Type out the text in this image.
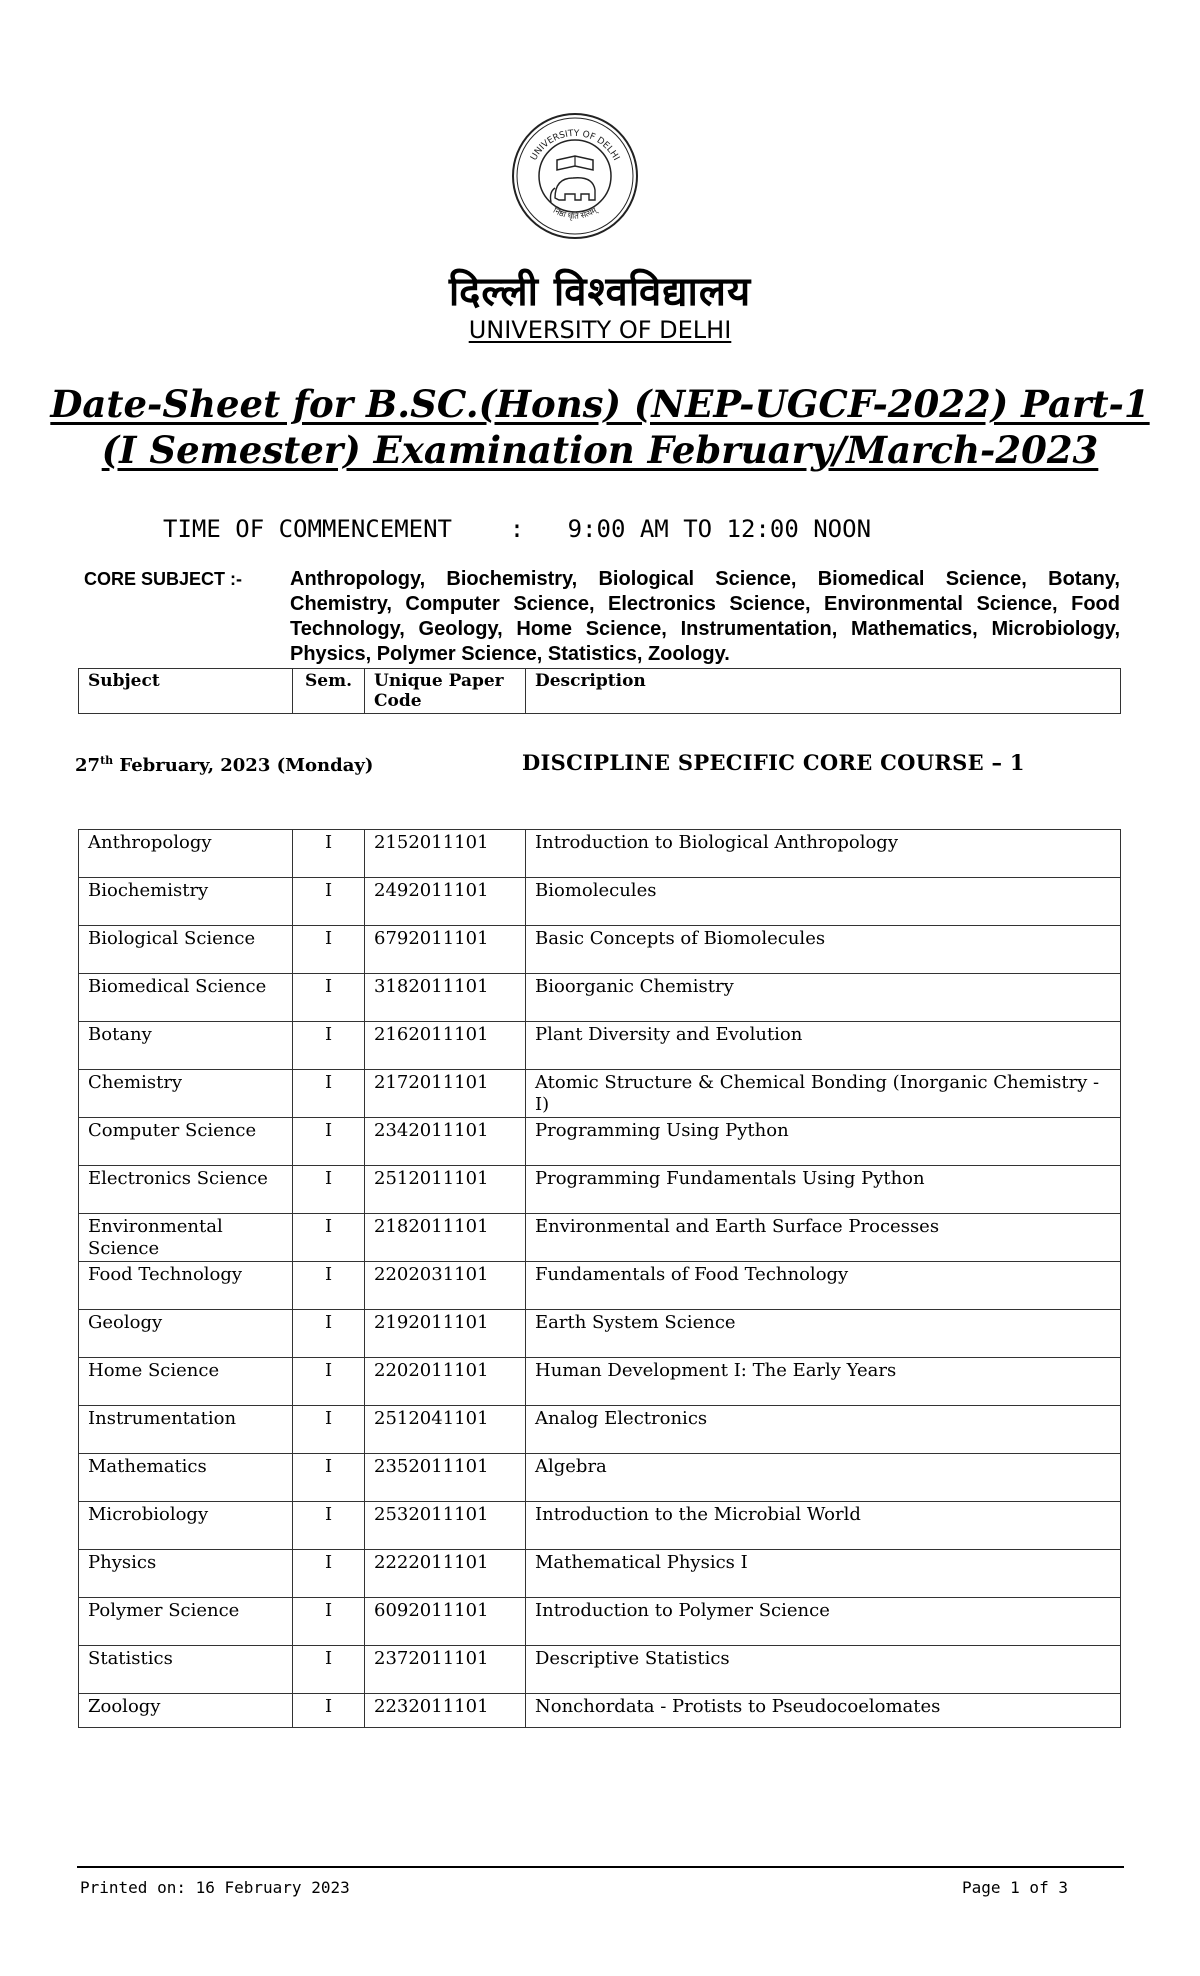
UNIVERSITY OF DELHI
निष्ठा धृति सत्यम्
दिल्ली विश्वविद्यालय
UNIVERSITY OF DELHI
Date-Sheet for B.SC.(Hons) (NEP-UGCF-2022) Part-1
(I Semester) Examination February/March-2023
TIME OF COMMENCEMENT : 9:00 AM TO 12:00 NOON
CORE SUBJECT :- Anthropology, Biochemistry, Biological Science, Biomedical Science, Botany, Chemistry, Computer Science, Electronics Science, Environmental Science, Food Technology, Geology, Home Science, Instrumentation, Mathematics, Microbiology, Physics, Polymer Science, Statistics, Zoology.
Subject	Sem.	Unique Paper Code	Description
27th February, 2023 (Monday)	DISCIPLINE SPECIFIC CORE COURSE – 1
Anthropology	I	2152011101	Introduction to Biological Anthropology
Biochemistry	I	2492011101	Biomolecules
Biological Science	I	6792011101	Basic Concepts of Biomolecules
Biomedical Science	I	3182011101	Bioorganic Chemistry
Botany	I	2162011101	Plant Diversity and Evolution
Chemistry	I	2172011101	Atomic Structure & Chemical Bonding (Inorganic Chemistry -I)
Computer Science	I	2342011101	Programming Using Python
Electronics Science	I	2512011101	Programming Fundamentals Using Python
Environmental Science	I	2182011101	Environmental and Earth Surface Processes
Food Technology	I	2202031101	Fundamentals of Food Technology
Geology	I	2192011101	Earth System Science
Home Science	I	2202011101	Human Development I: The Early Years
Instrumentation	I	2512041101	Analog Electronics
Mathematics	I	2352011101	Algebra
Microbiology	I	2532011101	Introduction to the Microbial World
Physics	I	2222011101	Mathematical Physics I
Polymer Science	I	6092011101	Introduction to Polymer Science
Statistics	I	2372011101	Descriptive Statistics
Zoology	I	2232011101	Nonchordata - Protists to Pseudocoelomates
Printed on: 16 February 2023	Page 1 of 3
